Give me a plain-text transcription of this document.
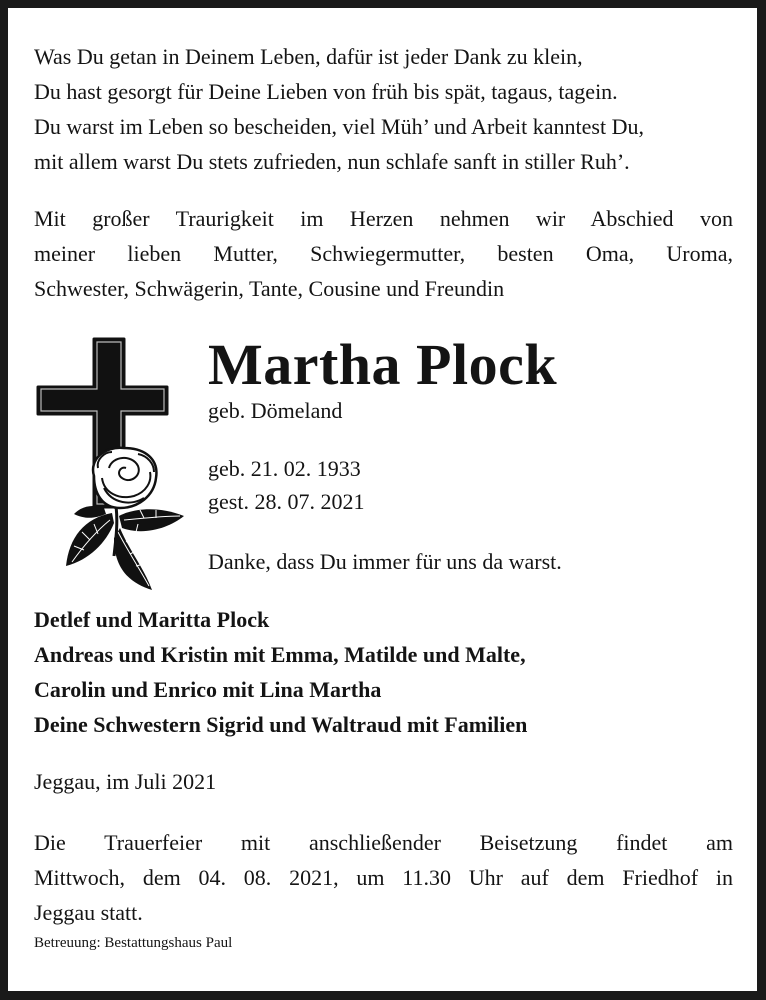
Was Du getan in Deinem Leben, dafür ist jeder Dank zu klein,
Du hast gesorgt für Deine Lieben von früh bis spät, tagaus, tagein.
Du warst im Leben so bescheiden, viel Müh’ und Arbeit kanntest Du,
mit allem warst Du stets zufrieden, nun schlafe sanft in stiller Ruh’.
Mit großer Traurigkeit im Herzen nehmen wir Abschied von
meiner lieben Mutter, Schwiegermutter, besten Oma, Uroma,
Schwester, Schwägerin, Tante, Cousine und Freundin
Martha Plock
geb. Dömeland
geb. 21. 02. 1933
gest. 28. 07. 2021
Danke, dass Du immer für uns da warst.
Detlef und Maritta Plock
Andreas und Kristin mit Emma, Matilde und Malte,
Carolin und Enrico mit Lina Martha
Deine Schwestern Sigrid und Waltraud mit Familien
Jeggau, im Juli 2021
Die Trauerfeier mit anschließender Beisetzung findet am
Mittwoch, dem 04. 08. 2021, um 11.30 Uhr auf dem Friedhof in
Jeggau statt.
Betreuung: Bestattungshaus Paul
